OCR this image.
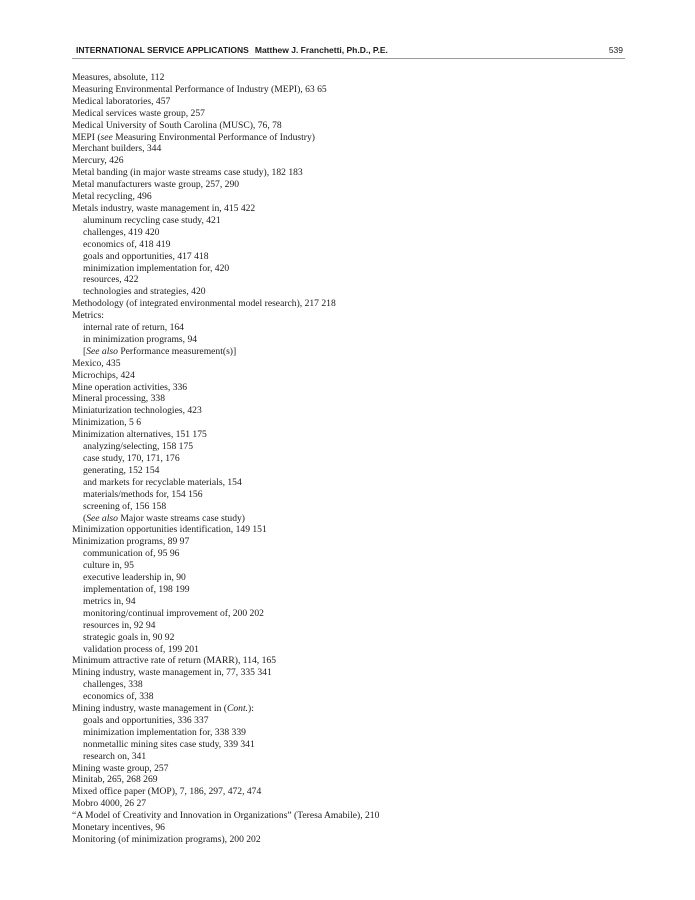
INTERNATIONAL SERVICE APPLICATIONS Matthew J. Franchetti, Ph.D., P.E.	539
Measures, absolute, 112
Measuring Environmental Performance of Industry (MEPI), 63 65
Medical laboratories, 457
Medical services waste group, 257
Medical University of South Carolina (MUSC), 76, 78
MEPI (see Measuring Environmental Performance of Industry)
Merchant builders, 344
Mercury, 426
Metal banding (in major waste streams case study), 182 183
Metal manufacturers waste group, 257, 290
Metal recycling, 496
Metals industry, waste management in, 415 422
aluminum recycling case study, 421
challenges, 419 420
economics of, 418 419
goals and opportunities, 417 418
minimization implementation for, 420
resources, 422
technologies and strategies, 420
Methodology (of integrated environmental model research), 217 218
Metrics:
internal rate of return, 164
in minimization programs, 94
[See also Performance measurement(s)]
Mexico, 435
Microchips, 424
Mine operation activities, 336
Mineral processing, 338
Miniaturization technologies, 423
Minimization, 5 6
Minimization alternatives, 151 175
analyzing/selecting, 158 175
case study, 170, 171, 176
generating, 152 154
and markets for recyclable materials, 154
materials/methods for, 154 156
screening of, 156 158
(See also Major waste streams case study)
Minimization opportunities identification, 149 151
Minimization programs, 89 97
communication of, 95 96
culture in, 95
executive leadership in, 90
implementation of, 198 199
metrics in, 94
monitoring/continual improvement of, 200 202
resources in, 92 94
strategic goals in, 90 92
validation process of, 199 201
Minimum attractive rate of return (MARR), 114, 165
Mining industry, waste management in, 77, 335 341
challenges, 338
economics of, 338
Mining industry, waste management in (Cont.):
goals and opportunities, 336 337
minimization implementation for, 338 339
nonmetallic mining sites case study, 339 341
research on, 341
Mining waste group, 257
Minitab, 265, 268 269
Mixed office paper (MOP), 7, 186, 297, 472, 474
Mobro 4000, 26 27
“A Model of Creativity and Innovation in Organizations” (Teresa Amabile), 210
Monetary incentives, 96
Monitoring (of minimization programs), 200 202
